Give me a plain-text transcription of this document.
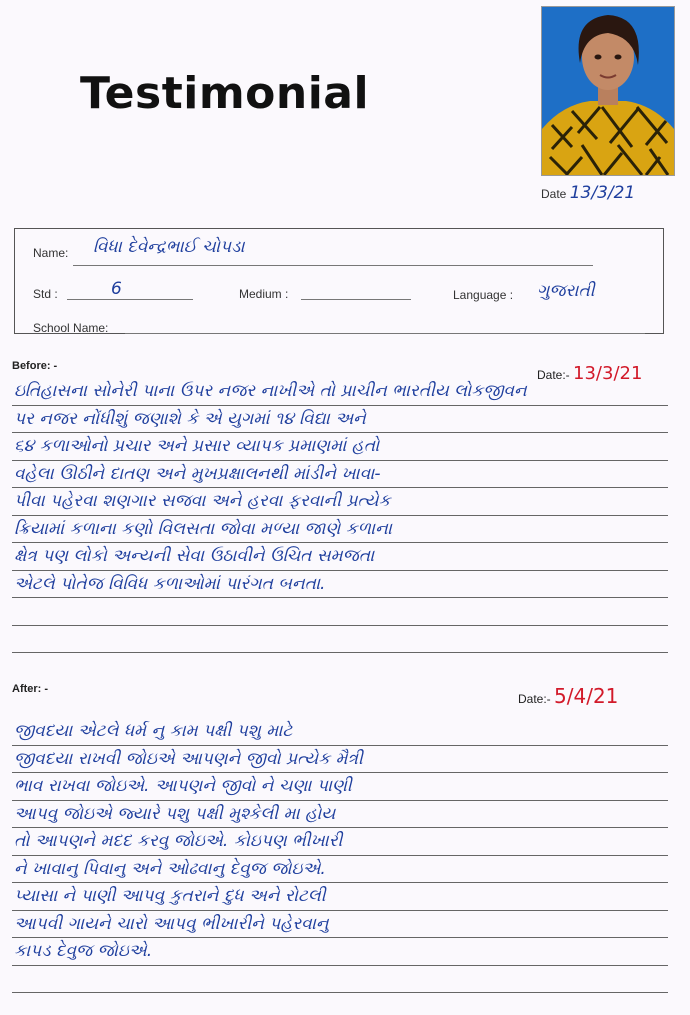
Testimonial
Date 13/3/21
Name: વિધા દેવેન્દ્રભાઈ ચોપડા
Std :	6	Medium :	Language : ગુજરાતી
School Name:
Before: -
Date:- 13/3/21
ઇતિહાસના સોનેરી પાના ઉપર નજર નાખીએ તો પ્રાચીન ભારતીય લોકજીવન
પર નજર નોંધીશું જણાશે કે એ યુગમાં ૧૪ વિદ્યા અને
૬૪ કળાઓનો પ્રચાર અને પ્રસાર વ્યાપક પ્રમાણમાં હતો
વહેલા ઊઠીને દાતણ અને મુખપ્રક્ષાલનથી માંડીને ખાવા-
પીવા પહેરવા શણગાર સજવા અને હરવા ફરવાની પ્રત્યેક
ક્રિયામાં કળાના કણો વિલસતા જોવા મળ્યા જાણે કળાના
ક્ષેત્ર પણ લોકો અન્યની સેવા ઉઠાવીને ઉચિત સમજતા
એટલે પોતેજ વિવિધ કળાઓમાં પારંગત બનતા.
After: -
Date:- 5/4/21
જીવદયા એટલે ધર્મ નુ કામ પક્ષી પશુ માટે
જીવદયા રાખવી જોઇએ આપણને જીવો પ્રત્યેક મૈત્રી
ભાવ રાખવા જોઇએ. આપણને જીવો ને ચણા પાણી
આપવુ જોઇએ જ્યારે પશુ પક્ષી મુશ્કેલી મા હોય
તો આપણને મદદ કરવુ જોઇએ. કોઇપણ ભીખારી
ને ખાવાનુ પિવાનુ અને ઓઢવાનુ દેવુજ જોઇએ.
પ્યાસા ને પાણી આપવુ કુતરાને દુધ અને રોટલી
આપવી ગાયને ચારો આપવુ ભીખારીને પહેરવાનુ
કાપડ દેવુજ જોઇએ.
